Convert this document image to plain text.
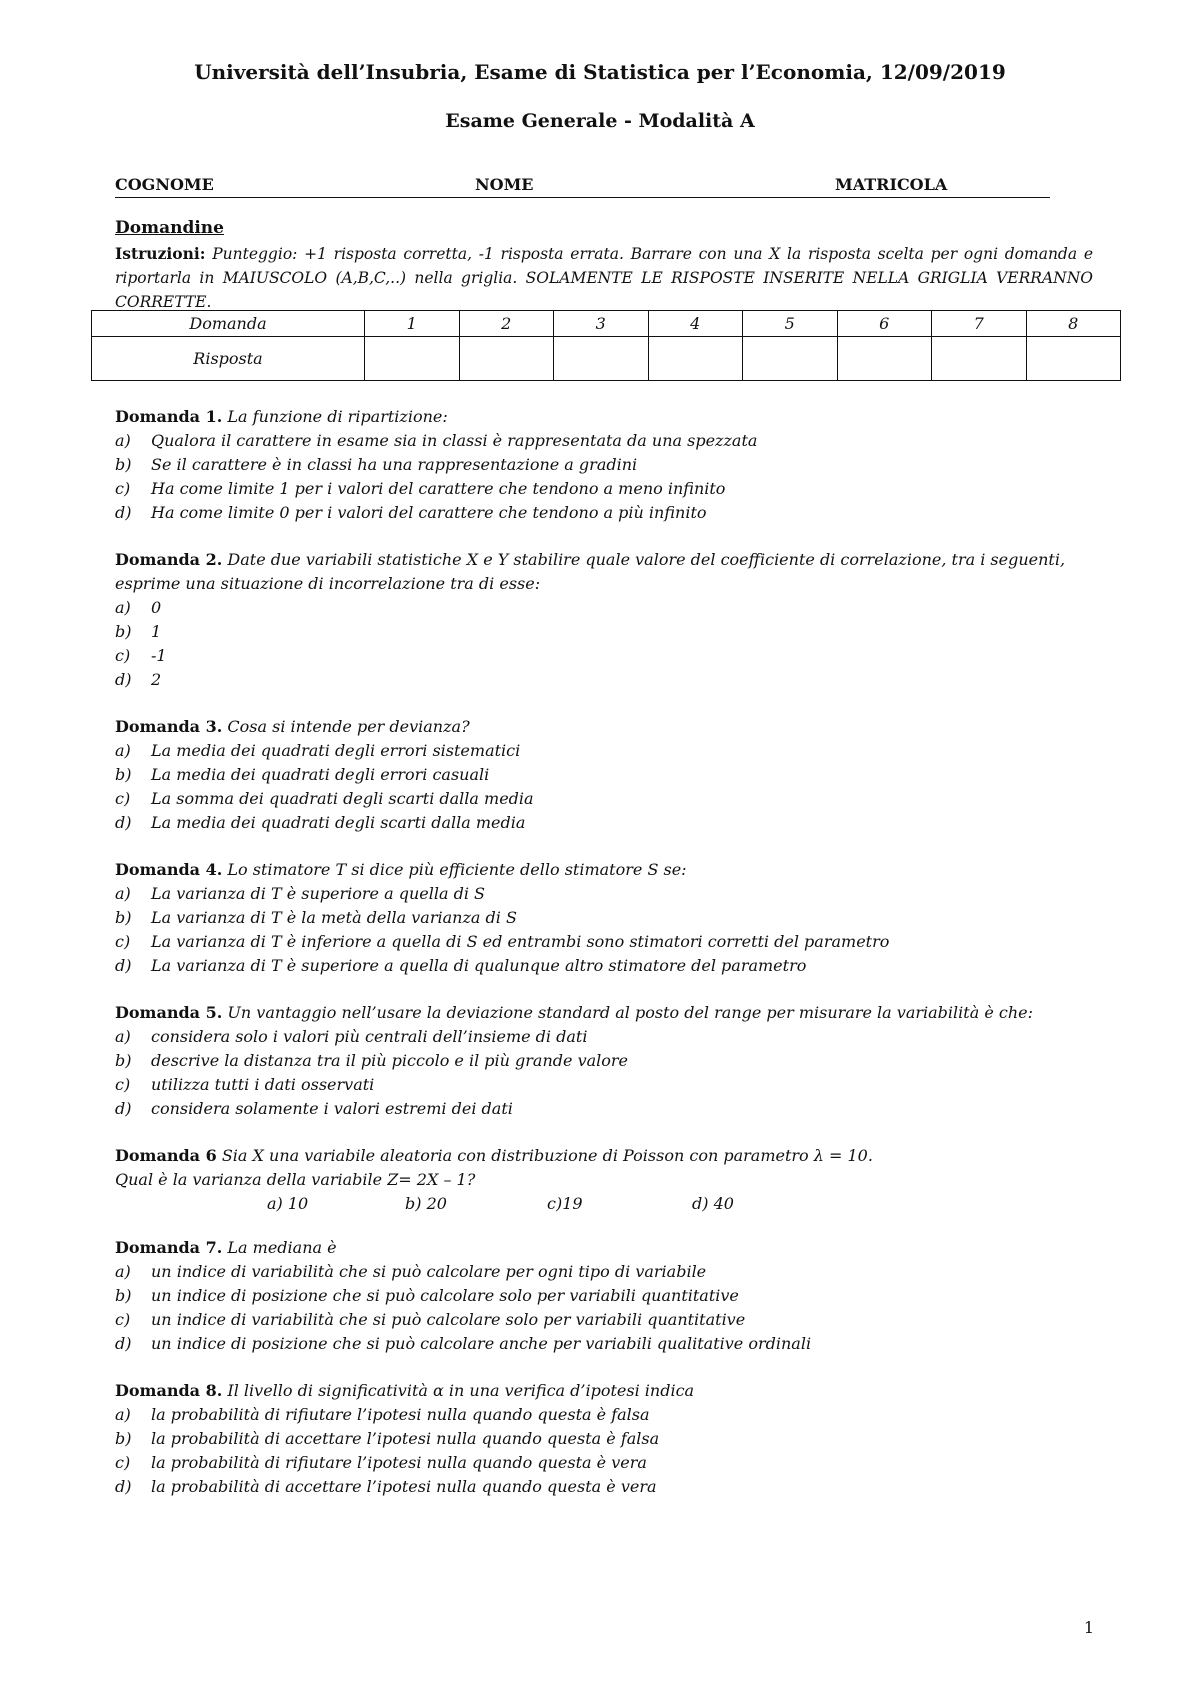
Università dell’Insubria, Esame di Statistica per l’Economia, 12/09/2019
Esame Generale - Modalità A
COGNOME	NOME	MATRICOLA
Domandine
Istruzioni: Punteggio: +1 risposta corretta, -1 risposta errata. Barrare con una X la risposta scelta per ogni domanda e riportarla in MAIUSCOLO (A,B,C,..) nella griglia. SOLAMENTE LE RISPOSTE INSERITE NELLA GRIGLIA VERRANNO CORRETTE.
Domanda	1	2	3	4	5	6	7	8
Risposta								
Domanda 1. La funzione di ripartizione:
a) Qualora il carattere in esame sia in classi è rappresentata da una spezzata
b) Se il carattere è in classi ha una rappresentazione a gradini
c) Ha come limite 1 per i valori del carattere che tendono a meno infinito
d) Ha come limite 0 per i valori del carattere che tendono a più infinito
Domanda 2. Date due variabili statistiche X e Y stabilire quale valore del coefficiente di correlazione, tra i seguenti, esprime una situazione di incorrelazione tra di esse:
a) 0
b) 1
c) -1
d) 2
Domanda 3. Cosa si intende per devianza?
a) La media dei quadrati degli errori sistematici
b) La media dei quadrati degli errori casuali
c) La somma dei quadrati degli scarti dalla media
d) La media dei quadrati degli scarti dalla media
Domanda 4. Lo stimatore T si dice più efficiente dello stimatore S se:
a) La varianza di T è superiore a quella di S
b) La varianza di T è la metà della varianza di S
c) La varianza di T è inferiore a quella di S ed entrambi sono stimatori corretti del parametro
d) La varianza di T è superiore a quella di qualunque altro stimatore del parametro
Domanda 5. Un vantaggio nell’usare la deviazione standard al posto del range per misurare la variabilità è che:
a) considera solo i valori più centrali dell’insieme di dati
b) descrive la distanza tra il più piccolo e il più grande valore
c) utilizza tutti i dati osservati
d) considera solamente i valori estremi dei dati
Domanda 6 Sia X una variabile aleatoria con distribuzione di Poisson con parametro λ = 10.
Qual è la varianza della variabile Z= 2X – 1?
a) 10	b) 20	c)19	d) 40
Domanda 7. La mediana è
a) un indice di variabilità che si può calcolare per ogni tipo di variabile
b) un indice di posizione che si può calcolare solo per variabili quantitative
c) un indice di variabilità che si può calcolare solo per variabili quantitative
d) un indice di posizione che si può calcolare anche per variabili qualitative ordinali
Domanda 8. Il livello di significatività α in una verifica d’ipotesi indica
a) la probabilità di rifiutare l’ipotesi nulla quando questa è falsa
b) la probabilità di accettare l’ipotesi nulla quando questa è falsa
c) la probabilità di rifiutare l’ipotesi nulla quando questa è vera
d) la probabilità di accettare l’ipotesi nulla quando questa è vera
1
